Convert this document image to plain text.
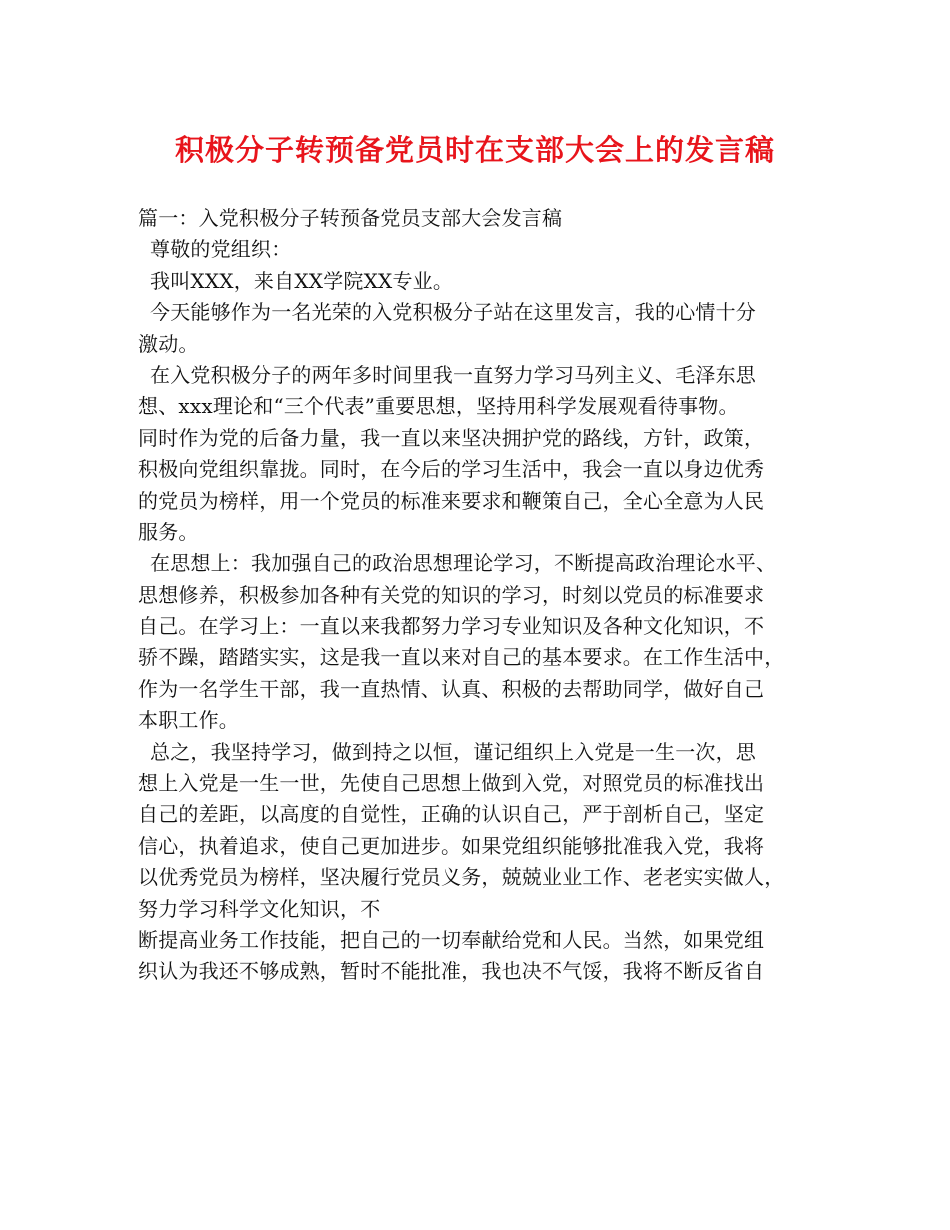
积极分子转预备党员时在支部大会上的发言稿
篇一：入党积极分子转预备党员支部大会发言稿
尊敬的党组织：
我叫XXX，来自XX学院XX专业。
今天能够作为一名光荣的入党积极分子站在这里发言，我的心情十分
激动。
在入党积极分子的两年多时间里我一直努力学习马列主义、毛泽东思
想、xxx理论和“三个代表”重要思想，坚持用科学发展观看待事物。
同时作为党的后备力量，我一直以来坚决拥护党的路线，方针，政策，
积极向党组织靠拢。同时，在今后的学习生活中，我会一直以身边优秀
的党员为榜样，用一个党员的标准来要求和鞭策自己，全心全意为人民
服务。
在思想上：我加强自己的政治思想理论学习，不断提高政治理论水平、
思想修养，积极参加各种有关党的知识的学习，时刻以党员的标准要求
自己。在学习上：一直以来我都努力学习专业知识及各种文化知识，不
骄不躁，踏踏实实，这是我一直以来对自己的基本要求。在工作生活中，
作为一名学生干部，我一直热情、认真、积极的去帮助同学，做好自己
本职工作。
总之，我坚持学习，做到持之以恒，谨记组织上入党是一生一次，思
想上入党是一生一世，先使自己思想上做到入党，对照党员的标准找出
自己的差距，以高度的自觉性，正确的认识自己，严于剖析自己，坚定
信心，执着追求，使自己更加进步。如果党组织能够批准我入党，我将
以优秀党员为榜样，坚决履行党员义务，兢兢业业工作、老老实实做人，
努力学习科学文化知识，不
断提高业务工作技能，把自己的一切奉献给党和人民。当然，如果党组
织认为我还不够成熟，暂时不能批准，我也决不气馁，我将不断反省自
